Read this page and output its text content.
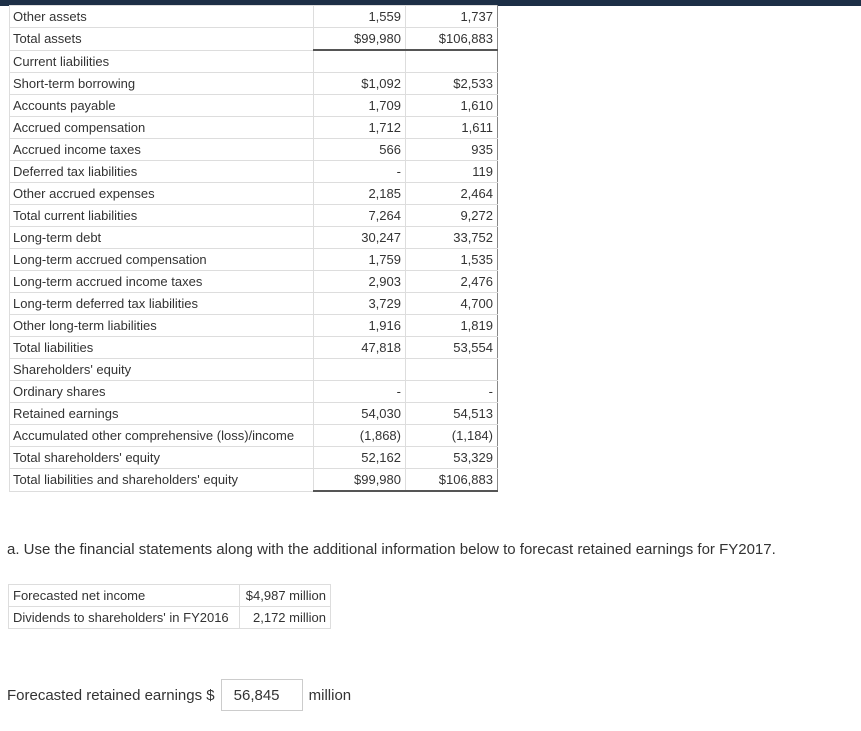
Other assets	1,559	1,737
Total assets	$99,980	$106,883
Current liabilities		
Short-term borrowing	$1,092	$2,533
Accounts payable	1,709	1,610
Accrued compensation	1,712	1,611
Accrued income taxes	566	935
Deferred tax liabilities	-	119
Other accrued expenses	2,185	2,464
Total current liabilities	7,264	9,272
Long-term debt	30,247	33,752
Long-term accrued compensation	1,759	1,535
Long-term accrued income taxes	2,903	2,476
Long-term deferred tax liabilities	3,729	4,700
Other long-term liabilities	1,916	1,819
Total liabilities	47,818	53,554
Shareholders' equity		
Ordinary shares	-	-
Retained earnings	54,030	54,513
Accumulated other comprehensive (loss)/income	(1,868)	(1,184)
Total shareholders' equity	52,162	53,329
Total liabilities and shareholders' equity	$99,980	$106,883
a. Use the financial statements along with the additional information below to forecast retained earnings for FY2017.
Forecasted net income	$4,987 million
Dividends to shareholders' in FY2016	2,172 million
Forecasted retained earnings $	56,845	million
